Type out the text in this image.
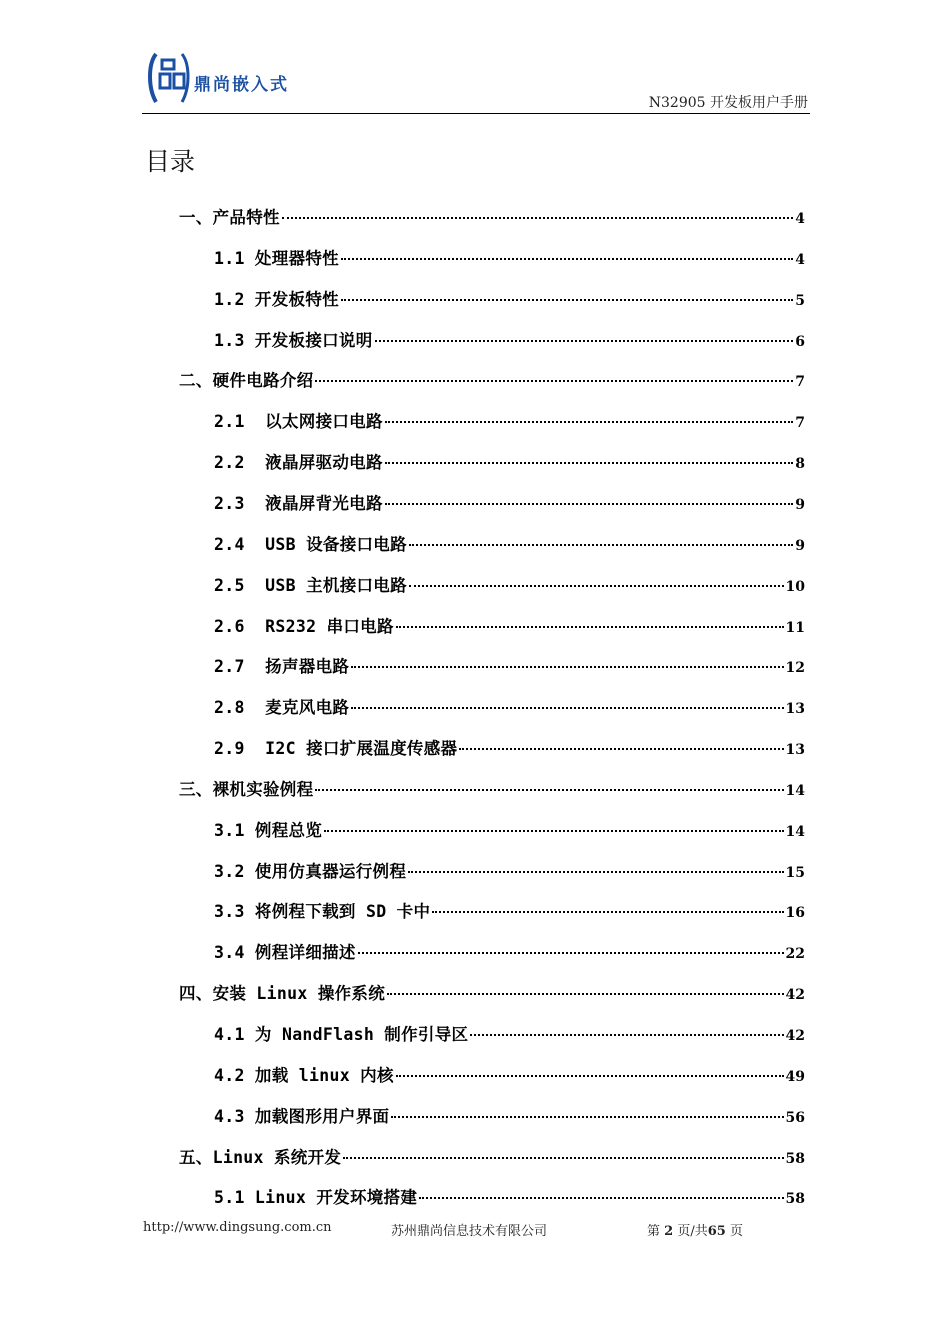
鼎尚嵌入式
N32905 开发板用户手册
目录
一、产品特性	4
1.1 处理器特性	4
1.2 开发板特性	5
1.3 开发板接口说明	6
二、硬件电路介绍	7
2.1  以太网接口电路	7
2.2  液晶屏驱动电路	8
2.3  液晶屏背光电路	9
2.4  USB 设备接口电路	9
2.5  USB 主机接口电路	10
2.6  RS232 串口电路	11
2.7  扬声器电路	12
2.8  麦克风电路	13
2.9  I2C 接口扩展温度传感器	13
三、裸机实验例程	14
3.1 例程总览	14
3.2 使用仿真器运行例程	15
3.3 将例程下载到 SD 卡中	16
3.4 例程详细描述	22
四、安装 Linux 操作系统	42
4.1 为 NandFlash 制作引导区	42
4.2 加载 linux 内核	49
4.3 加载图形用户界面	56
五、Linux 系统开发	58
5.1 Linux 开发环境搭建	58
http://www.dingsung.com.cn	苏州鼎尚信息技术有限公司	第 2 页/共65 页
